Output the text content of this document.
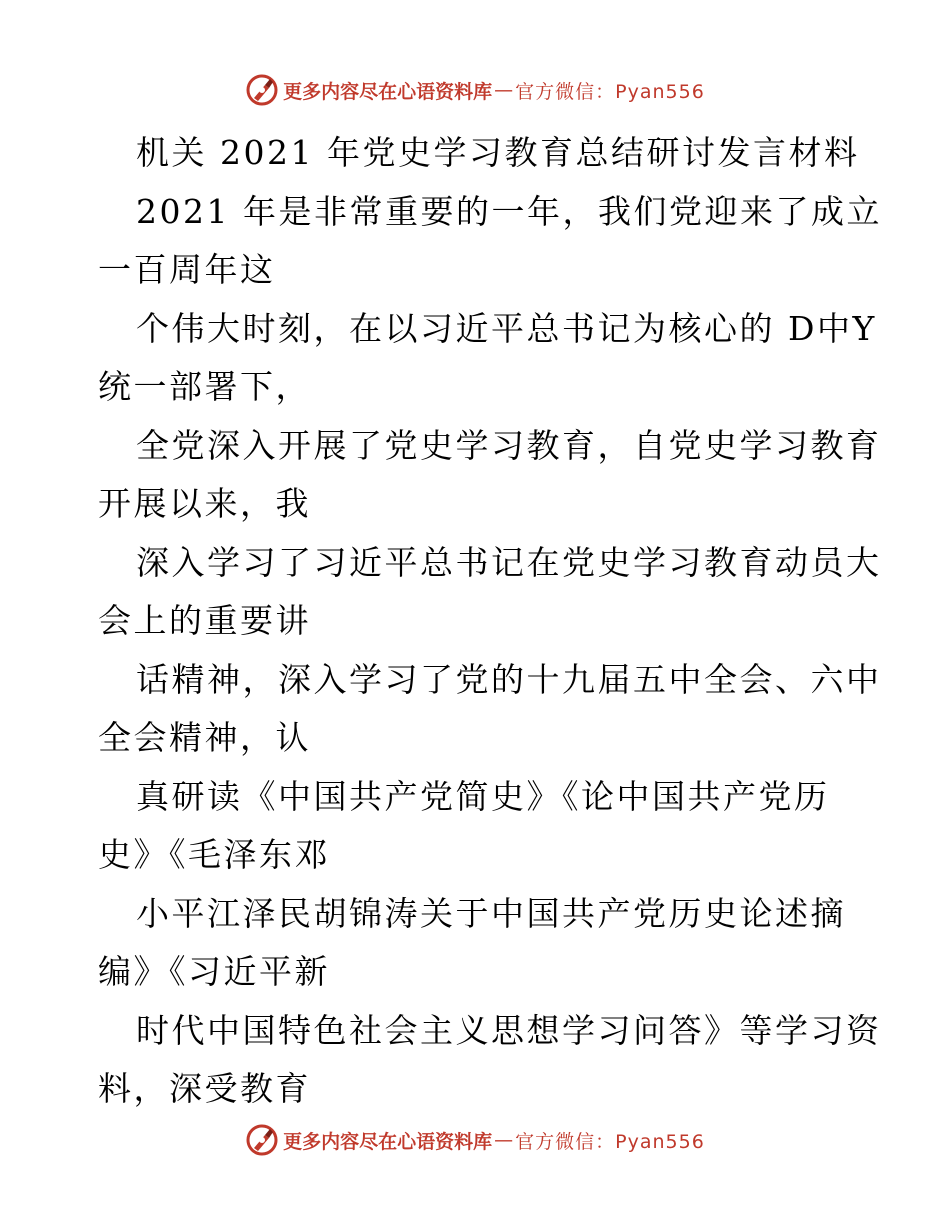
更多内容尽在心语资料库 — 官方微信：Pyan556
机关 2021 年党史学习教育总结研讨发言材料
2021 年是非常重要的一年，我们党迎来了成立
一百周年这
个伟大时刻，在以习近平总书记为核心的 D中Y
统一部署下，
全党深入开展了党史学习教育，自党史学习教育
开展以来，我
深入学习了习近平总书记在党史学习教育动员大
会上的重要讲
话精神，深入学习了党的十九届五中全会、六中
全会精神，认
真研读《中国共产党简史》《论中国共产党历
史》《毛泽东邓
小平江泽民胡锦涛关于中国共产党历史论述摘
编》《习近平新
时代中国特色社会主义思想学习问答》等学习资
料，深受教育
更多内容尽在心语资料库 — 官方微信：Pyan556
